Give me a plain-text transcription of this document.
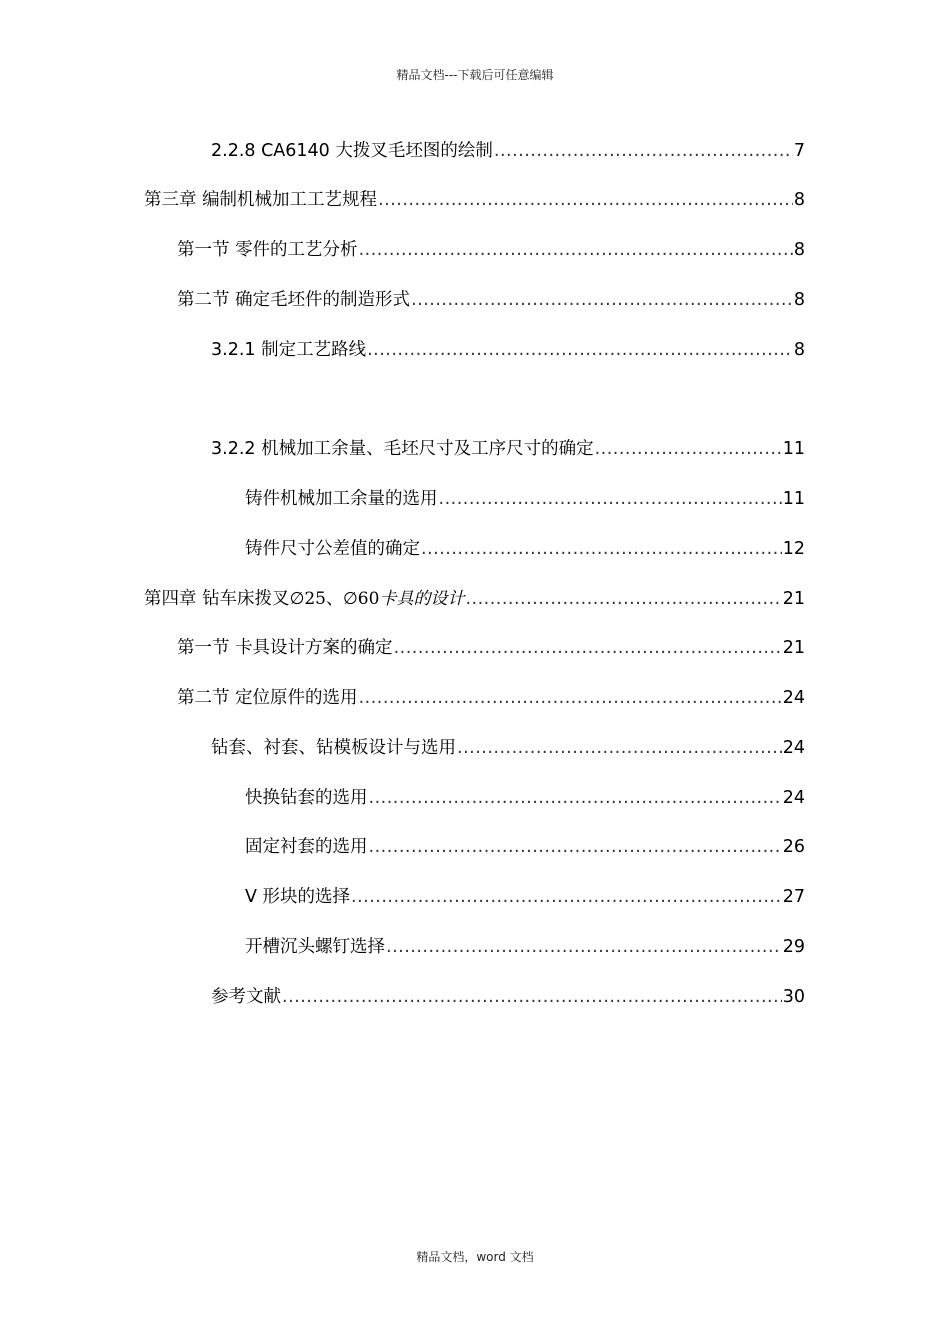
精品文档---下载后可任意编辑
2.2.8 CA6140 大拨叉毛坯图的绘制 .....	7
第三章 编制机械加工工艺规程 .....	8
第一节 零件的工艺分析 .....	8
第二节 确定毛坯件的制造形式 .....	8
3.2.1 制定工艺路线 .....	8
3.2.2 机械加工余量、毛坯尺寸及工序尺寸的确定 .....	11
铸件机械加工余量的选用 .....	11
铸件尺寸公差值的确定 .....	12
第四章 钻车床拨叉∅25、∅60卡具的设计 .....	21
第一节 卡具设计方案的确定 .....	21
第二节 定位原件的选用 .....	24
钻套、衬套、钻模板设计与选用 .....	24
快换钻套的选用 .....	24
固定衬套的选用 .....	26
V 形块的选择 .....	27
开槽沉头螺钉选择 .....	29
参考文献 .....	30
精品文档，word 文档
